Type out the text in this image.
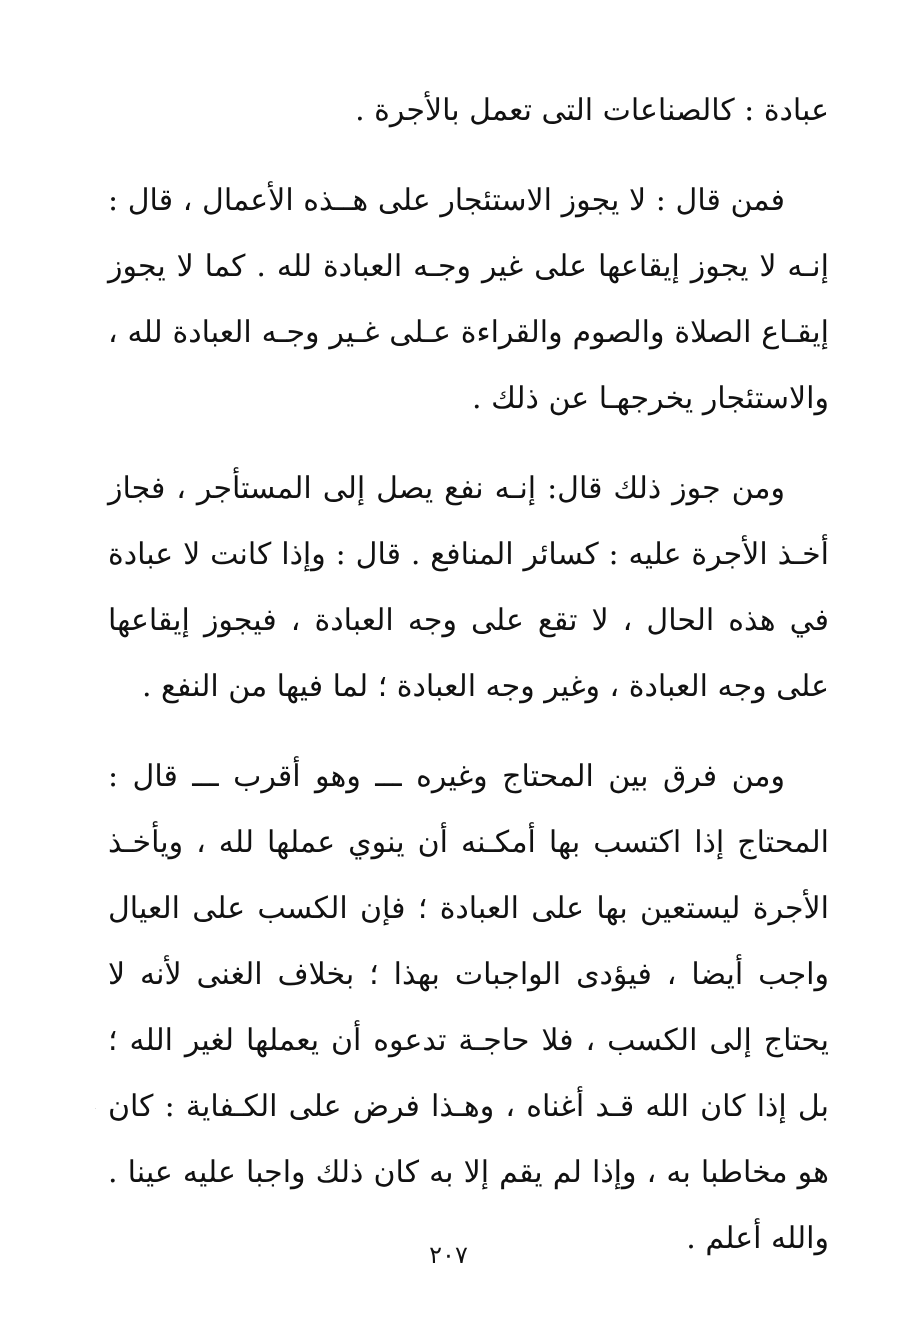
عبادة : كالصناعات التى تعمل بالأجرة .

فمن قال : لا يجوز الاستئجار على هــذه الأعمال ، قال : إنـه لا يجوز إيقاعها على غير وجـه العبادة لله . كما لا يجوز إيقـاع الصلاة والصوم والقراءة عـلى غـير وجـه العبادة لله ، والاستئجار يخرجهـا عن ذلك .

ومن جوز ذلك قال: إنـه نفع يصل إلى المستأجر ، فجاز أخـذ الأجرة عليه : كسائر المنافع . قال : وإذا كانت لا عبادة في هذه الحال ، لا تقع على وجه العبادة ، فيجوز إيقاعها على وجه العبادة ، وغير وجه العبادة ؛ لما فيها من النفع .

ومن فرق بين المحتاج وغيره ـــ وهو أقرب ـــ قال : المحتاج إذا اكتسب بها أمكـنه أن ينوي عملها لله ، ويأخـذ الأجرة ليستعين بها على العبادة ؛ فإن الكسب على العيال واجب أيضا ، فيؤدى الواجبات بهذا ؛ بخلاف الغنى لأنه لا يحتاج إلى الكسب ، فلا حاجـة تدعوه أن يعملها لغير الله ؛ بل إذا كان الله قـد أغناه ، وهـذا فرض على الكـفاية : كان هو مخاطبا به ، وإذا لم يقم إلا به كان ذلك واجبا عليه عينا . والله أعلم .

٢٠٧
